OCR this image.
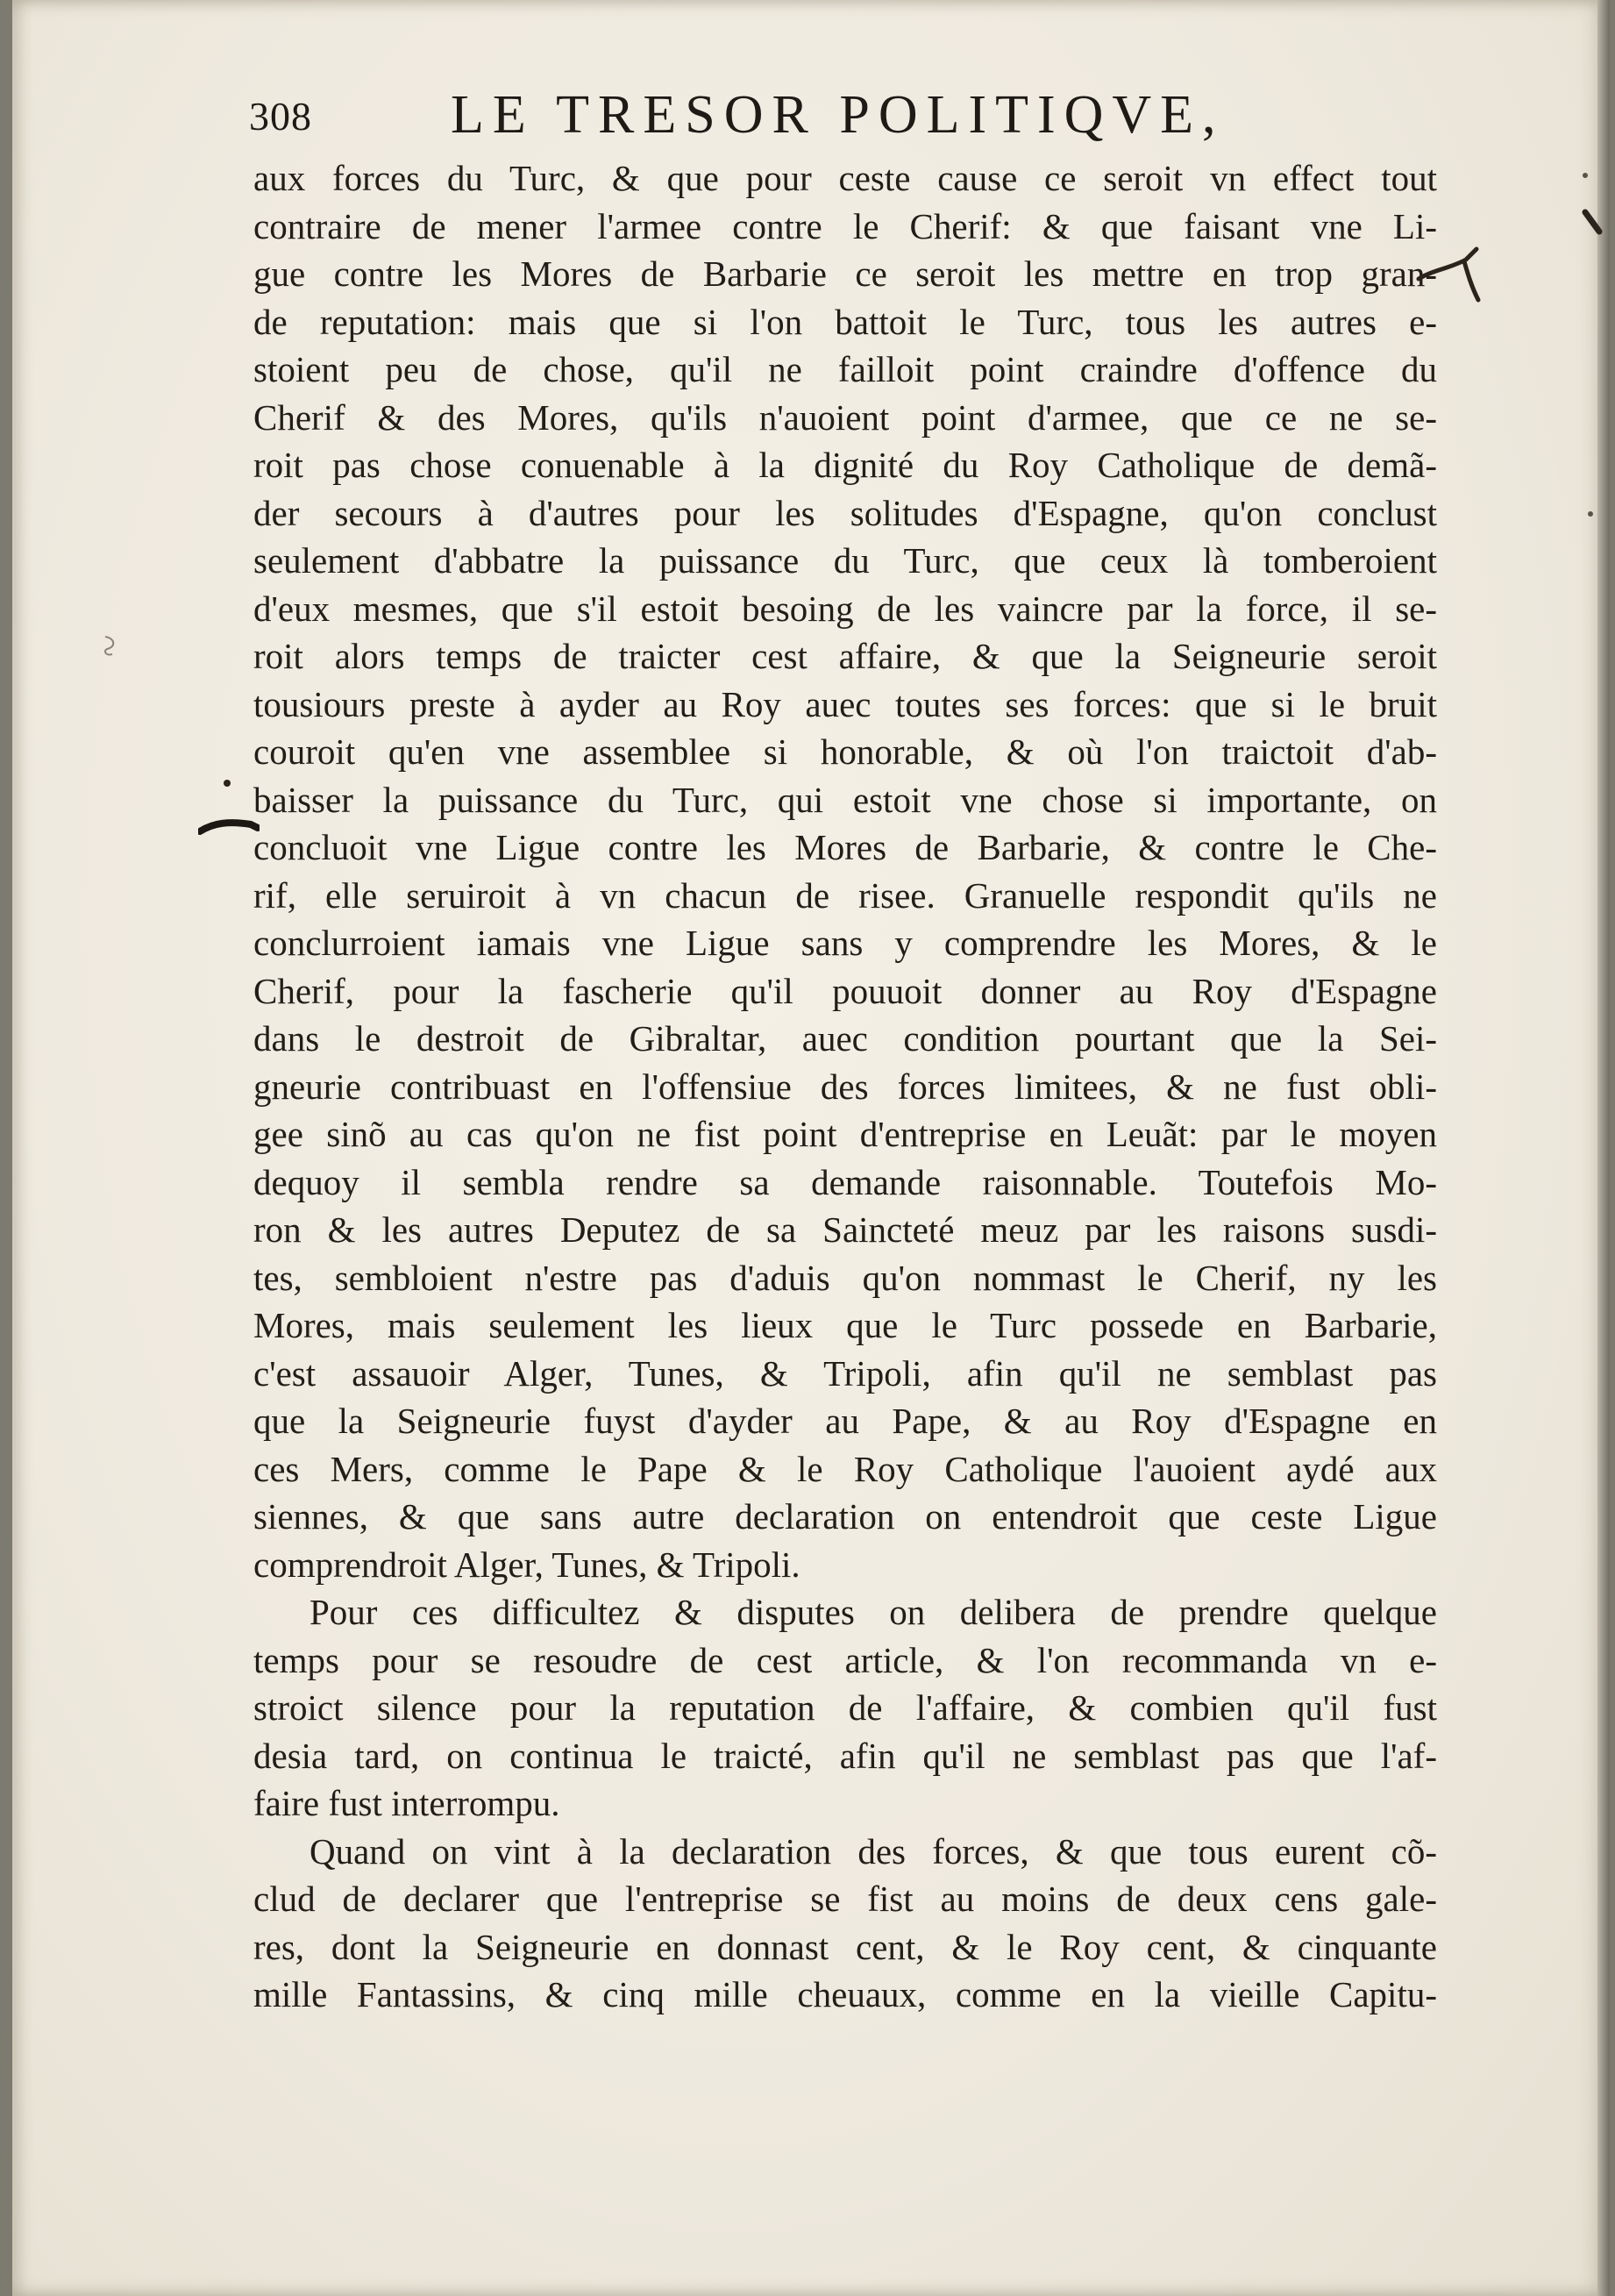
308	LE TRESOR POLITIQVE,
aux forces du Turc, & que pour ceste cause ce seroit vn effect tout
contraire de mener l'armee contre le Cherif: & que faisant vne Li-
gue contre les Mores de Barbarie ce seroit les mettre en trop gran-
de reputation: mais que si l'on battoit le Turc, tous les autres e-
stoient peu de chose, qu'il ne failloit point craindre d'offence du
Cherif & des Mores, qu'ils n'auoient point d'armee, que ce ne se-
roit pas chose conuenable à la dignité du Roy Catholique de demã-
der secours à d'autres pour les solitudes d'Espagne, qu'on conclust
seulement d'abbatre la puissance du Turc, que ceux là tomberoient
d'eux mesmes, que s'il estoit besoing de les vaincre par la force, il se-
roit alors temps de traicter cest affaire, & que la Seigneurie seroit
tousiours preste à ayder au Roy auec toutes ses forces: que si le bruit
couroit qu'en vne assemblee si honorable, & où l'on traictoit d'ab-
baisser la puissance du Turc, qui estoit vne chose si importante, on
concluoit vne Ligue contre les Mores de Barbarie, & contre le Che-
rif, elle seruiroit à vn chacun de risee. Granuelle respondit qu'ils ne
conclurroient iamais vne Ligue sans y comprendre les Mores, & le
Cherif, pour la fascherie qu'il pouuoit donner au Roy d'Espagne
dans le destroit de Gibraltar, auec condition pourtant que la Sei-
gneurie contribuast en l'offensiue des forces limitees, & ne fust obli-
gee sinõ au cas qu'on ne fist point d'entreprise en Leuãt: par le moyen
dequoy il sembla rendre sa demande raisonnable. Toutefois Mo-
ron & les autres Deputez de sa Saincteté meuz par les raisons susdi-
tes, sembloient n'estre pas d'aduis qu'on nommast le Cherif, ny les
Mores, mais seulement les lieux que le Turc possede en Barbarie,
c'est assauoir Alger, Tunes, & Tripoli, afin qu'il ne semblast pas
que la Seigneurie fuyst d'ayder au Pape, & au Roy d'Espagne en
ces Mers, comme le Pape & le Roy Catholique l'auoient aydé aux
siennes, & que sans autre declaration on entendroit que ceste Ligue
comprendroit Alger, Tunes, & Tripoli.
Pour ces difficultez & disputes on delibera de prendre quelque
temps pour se resoudre de cest article, & l'on recommanda vn e-
stroict silence pour la reputation de l'affaire, & combien qu'il fust
desia tard, on continua le traicté, afin qu'il ne semblast pas que l'af-
faire fust interrompu.
Quand on vint à la declaration des forces, & que tous eurent cõ-
clud de declarer que l'entreprise se fist au moins de deux cens gale-
res, dont la Seigneurie en donnast cent, & le Roy cent, & cinquante
mille Fantassins, & cinq mille cheuaux, comme en la vieille Capitu-
